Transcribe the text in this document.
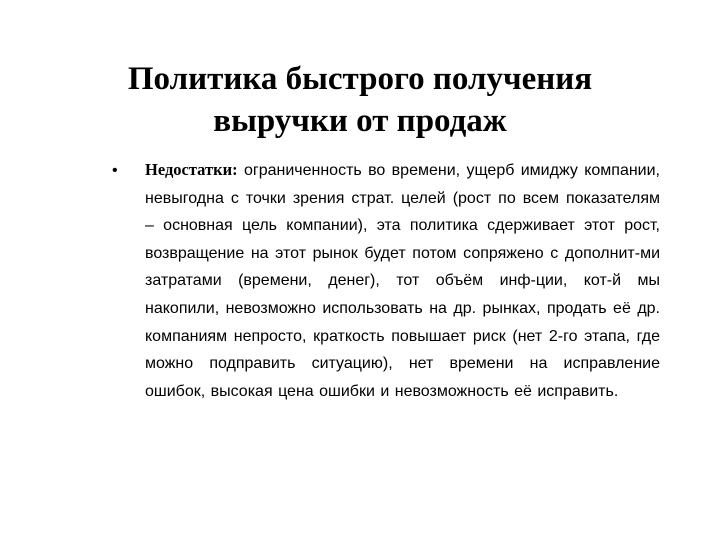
Политика быстрого получения
выручки от продаж
• Недостатки: ограниченность во времени, ущерб имиджу компании, невыгодна с точки зрения страт. целей (рост по всем показателям – основная цель компании), эта политика сдерживает этот рост, возвращение на этот рынок будет потом сопряжено с дополнит-ми затратами (времени, денег), тот объём инф-ции, кот-й мы накопили, невозможно использовать на др. рынках, продать её др. компаниям непросто, краткость повышает риск (нет 2-го этапа, где можно подправить ситуацию), нет времени на исправление ошибок, высокая цена ошибки и невозможность её исправить.
